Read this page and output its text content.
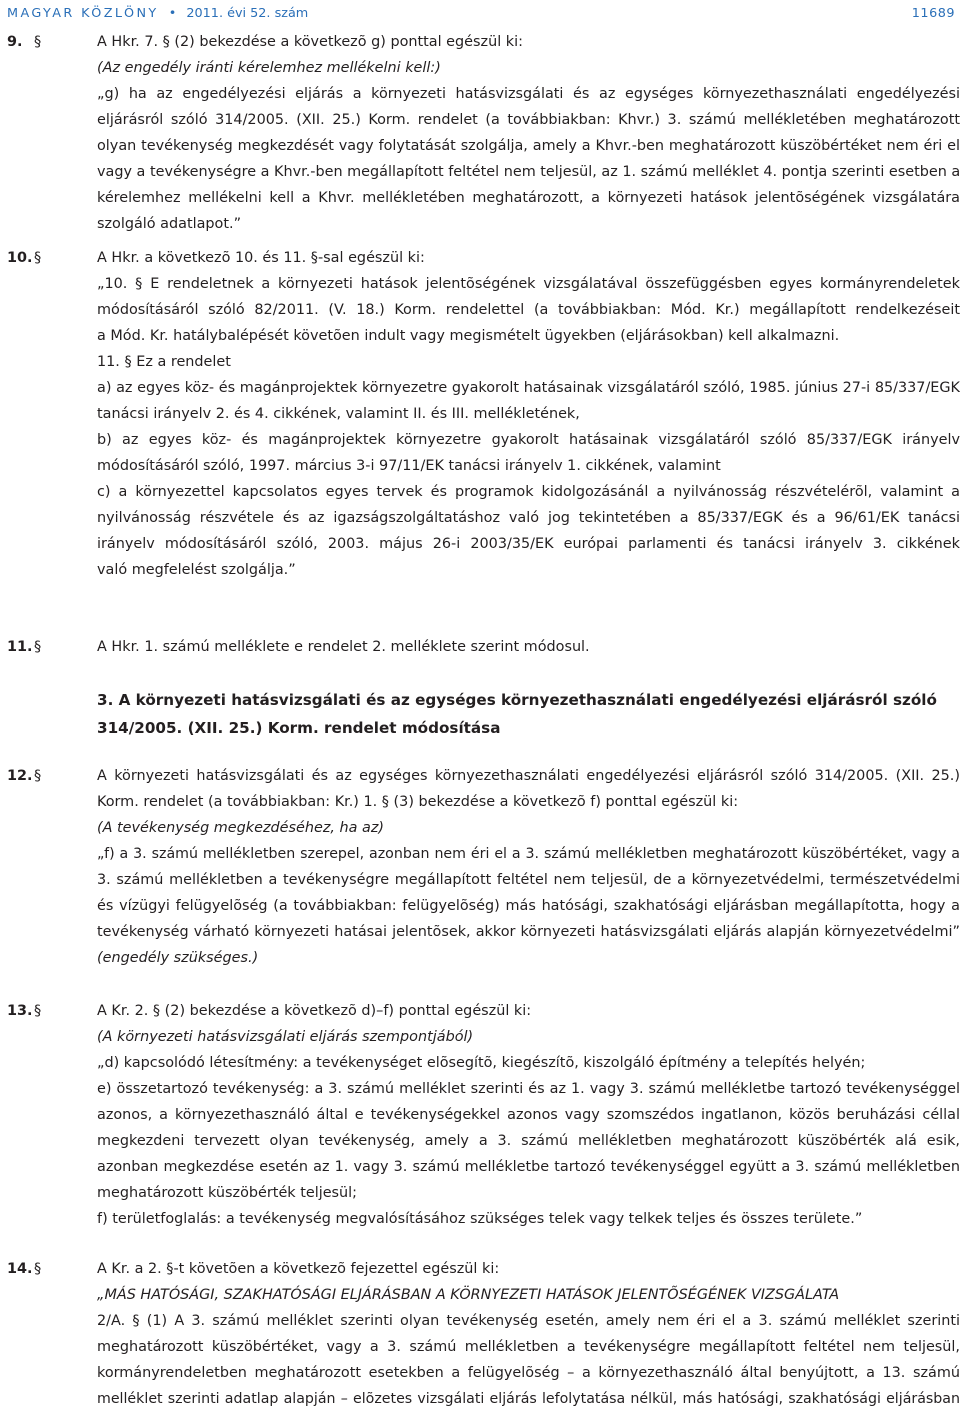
MAGYAR KÖZLÖNY • 2011. évi 52. szám	11689
9. §	A Hkr. 7. § (2) bekezdése a következõ g) ponttal egészül ki:
(Az engedély iránti kérelemhez mellékelni kell:)
„g) ha az engedélyezési eljárás a környezeti hatásvizsgálati és az egységes környezethasználati engedélyezési
eljárásról szóló 314/2005. (XII. 25.) Korm. rendelet (a továbbiakban: Khvr.) 3. számú mellékletében meghatározott
olyan tevékenység megkezdését vagy folytatását szolgálja, amely a Khvr.-ben meghatározott küszöbértéket nem éri el
vagy a tevékenységre a Khvr.-ben megállapított feltétel nem teljesül, az 1. számú melléklet 4. pontja szerinti esetben a
kérelemhez mellékelni kell a Khvr. mellékletében meghatározott, a környezeti hatások jelentõségének vizsgálatára
szolgáló adatlapot.”
10. §	A Hkr. a következõ 10. és 11. §-sal egészül ki:
„10. § E rendeletnek a környezeti hatások jelentõségének vizsgálatával összefüggésben egyes kormányrendeletek
módosításáról szóló 82/2011. (V. 18.) Korm. rendelettel (a továbbiakban: Mód. Kr.) megállapított rendelkezéseit
a Mód. Kr. hatálybalépését követõen indult vagy megismételt ügyekben (eljárásokban) kell alkalmazni.
11. § Ez a rendelet
a) az egyes köz- és magánprojektek környezetre gyakorolt hatásainak vizsgálatáról szóló, 1985. június 27-i 85/337/EGK
tanácsi irányelv 2. és 4. cikkének, valamint II. és III. mellékletének,
b) az egyes köz- és magánprojektek környezetre gyakorolt hatásainak vizsgálatáról szóló 85/337/EGK irányelv
módosításáról szóló, 1997. március 3-i 97/11/EK tanácsi irányelv 1. cikkének, valamint
c) a környezettel kapcsolatos egyes tervek és programok kidolgozásánál a nyilvánosság részvételérõl, valamint a
nyilvánosság részvétele és az igazságszolgáltatáshoz való jog tekintetében a 85/337/EGK és a 96/61/EK tanácsi
irányelv módosításáról szóló, 2003. május 26-i 2003/35/EK európai parlamenti és tanácsi irányelv 3. cikkének
való megfelelést szolgálja.”
11. §	A Hkr. 1. számú melléklete e rendelet 2. melléklete szerint módosul.
3. A környezeti hatásvizsgálati és az egységes környezethasználati engedélyezési eljárásról szóló
314/2005. (XII. 25.) Korm. rendelet módosítása
12. §	A környezeti hatásvizsgálati és az egységes környezethasználati engedélyezési eljárásról szóló 314/2005. (XII. 25.)
Korm. rendelet (a továbbiakban: Kr.) 1. § (3) bekezdése a következõ f) ponttal egészül ki:
(A tevékenység megkezdéséhez, ha az)
„f) a 3. számú mellékletben szerepel, azonban nem éri el a 3. számú mellékletben meghatározott küszöbértéket, vagy a
3. számú mellékletben a tevékenységre megállapított feltétel nem teljesül, de a környezetvédelmi, természetvédelmi
és vízügyi felügyelõség (a továbbiakban: felügyelõség) más hatósági, szakhatósági eljárásban megállapította, hogy a
tevékenység várható környezeti hatásai jelentõsek, akkor környezeti hatásvizsgálati eljárás alapján környezetvédelmi”
(engedély szükséges.)
13. §	A Kr. 2. § (2) bekezdése a következõ d)–f) ponttal egészül ki:
(A környezeti hatásvizsgálati eljárás szempontjából)
„d) kapcsolódó létesítmény: a tevékenységet elõsegítõ, kiegészítõ, kiszolgáló építmény a telepítés helyén;
e) összetartozó tevékenység: a 3. számú melléklet szerinti és az 1. vagy 3. számú mellékletbe tartozó tevékenységgel
azonos, a környezethasználó által e tevékenységekkel azonos vagy szomszédos ingatlanon, közös beruházási céllal
megkezdeni tervezett olyan tevékenység, amely a 3. számú mellékletben meghatározott küszöbérték alá esik,
azonban megkezdése esetén az 1. vagy 3. számú mellékletbe tartozó tevékenységgel együtt a 3. számú mellékletben
meghatározott küszöbérték teljesül;
f) területfoglalás: a tevékenység megvalósításához szükséges telek vagy telkek teljes és összes területe.”
14. §	A Kr. a 2. §-t követõen a következõ fejezettel egészül ki:
„MÁS HATÓSÁGI, SZAKHATÓSÁGI ELJÁRÁSBAN A KÖRNYEZETI HATÁSOK JELENTÕSÉGÉNEK VIZSGÁLATA
2/A. § (1) A 3. számú melléklet szerinti olyan tevékenység esetén, amely nem éri el a 3. számú melléklet szerinti
meghatározott küszöbértéket, vagy a 3. számú mellékletben a tevékenységre megállapított feltétel nem teljesül,
kormányrendeletben meghatározott esetekben a felügyelõség – a környezethasználó által benyújtott, a 13. számú
melléklet szerinti adatlap alapján – elõzetes vizsgálati eljárás lefolytatása nélkül, más hatósági, szakhatósági eljárásban
